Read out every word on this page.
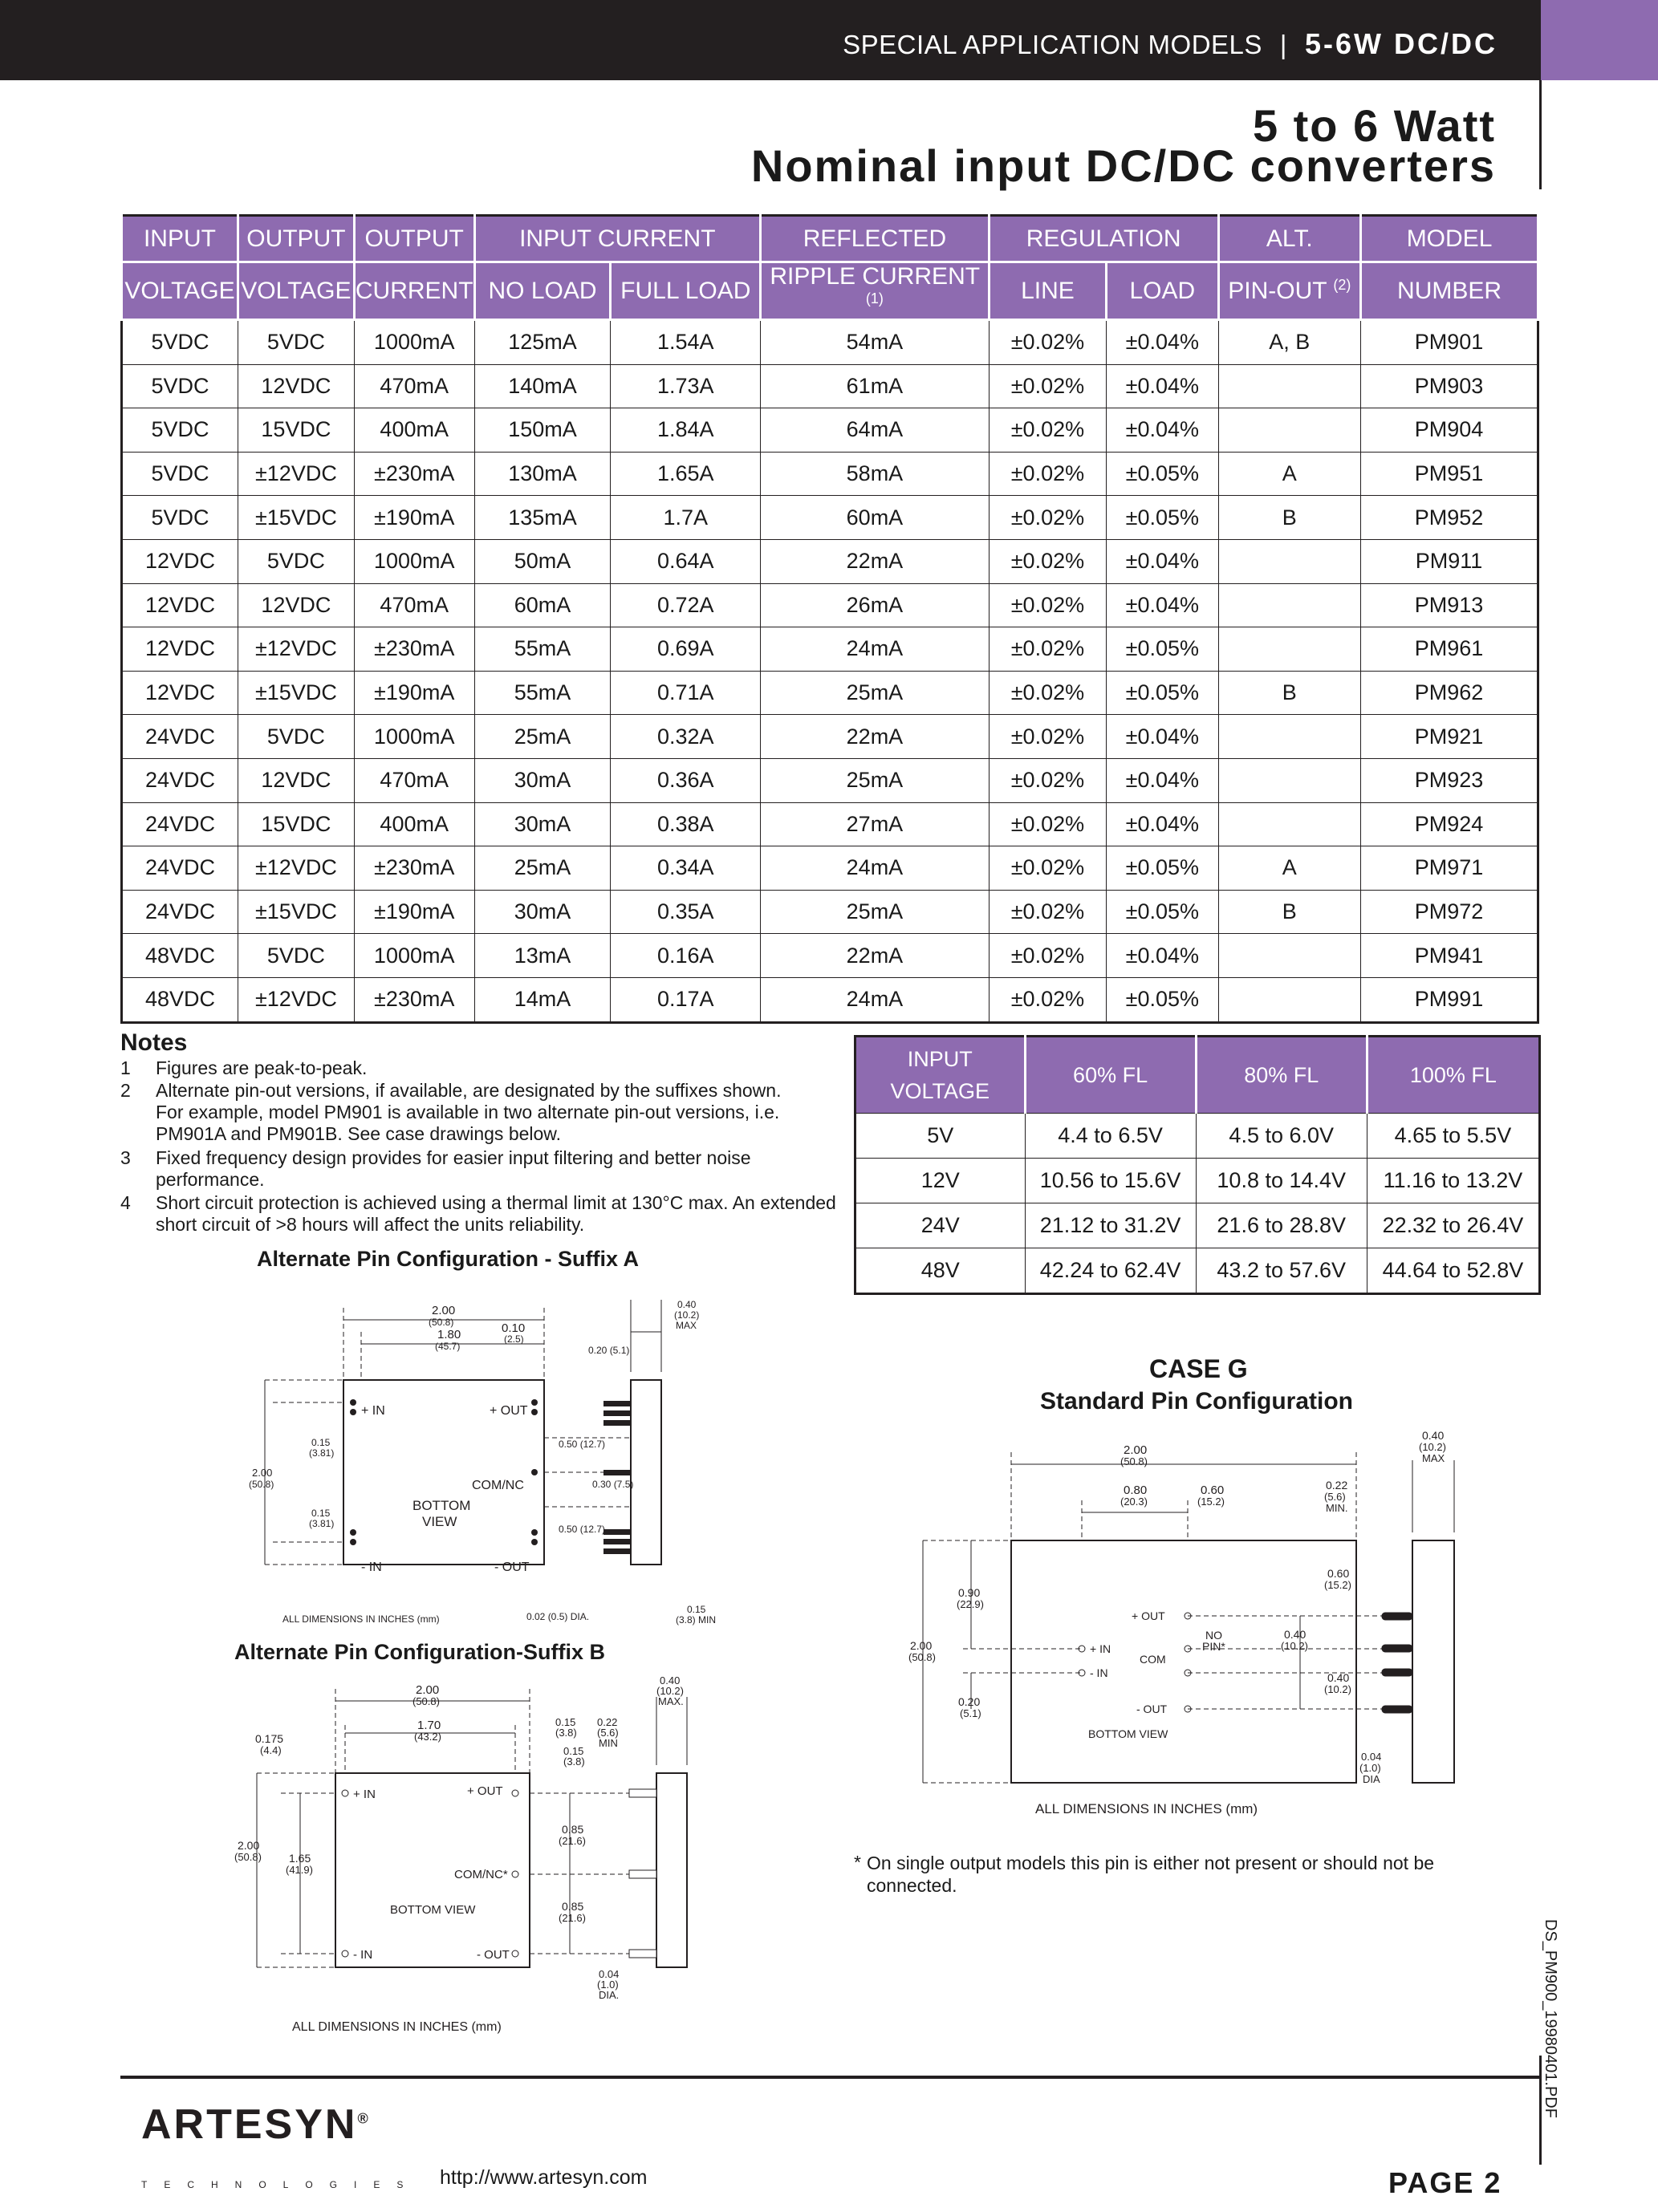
SPECIAL APPLICATION MODELS | 5-6W DC/DC
5 to 6 Watt
Nominal input DC/DC converters
INPUT	OUTPUT	OUTPUT	INPUT CURRENT		REFLECTED	REGULATION		ALT.	MODEL
VOLTAGE	VOLTAGE	CURRENT	NO LOAD	FULL LOAD	RIPPLE CURRENT $^{(1)}$	LINE	LOAD	PIN-OUT $^{(2)}$	NUMBER
5VDC	5VDC	1000mA	125mA	1.54A	54mA	±0.02%	±0.04%	A, B	PM901
5VDC	12VDC	470mA	140mA	1.73A	61mA	±0.02%	±0.04%		PM903
5VDC	15VDC	400mA	150mA	1.84A	64mA	±0.02%	±0.04%		PM904
5VDC	±12VDC	±230mA	130mA	1.65A	58mA	±0.02%	±0.05%	A	PM951
5VDC	±15VDC	±190mA	135mA	1.7A	60mA	±0.02%	±0.05%	B	PM952
12VDC	5VDC	1000mA	50mA	0.64A	22mA	±0.02%	±0.04%		PM911
12VDC	12VDC	470mA	60mA	0.72A	26mA	±0.02%	±0.04%		PM913
12VDC	±12VDC	±230mA	55mA	0.69A	24mA	±0.02%	±0.05%		PM961
12VDC	±15VDC	±190mA	55mA	0.71A	25mA	±0.02%	±0.05%	B	PM962
24VDC	5VDC	1000mA	25mA	0.32A	22mA	±0.02%	±0.04%		PM921
24VDC	12VDC	470mA	30mA	0.36A	25mA	±0.02%	±0.04%		PM923
24VDC	15VDC	400mA	30mA	0.38A	27mA	±0.02%	±0.04%		PM924
24VDC	±12VDC	±230mA	25mA	0.34A	24mA	±0.02%	±0.05%	A	PM971
24VDC	±15VDC	±190mA	30mA	0.35A	25mA	±0.02%	±0.05%	B	PM972
48VDC	5VDC	1000mA	13mA	0.16A	22mA	±0.02%	±0.04%		PM941
48VDC	±12VDC	±230mA	14mA	0.17A	24mA	±0.02%	±0.05%		PM991
Notes
1 Figures are peak-to-peak.
2 Alternate pin-out versions, if available, are designated by the suffixes shown. For example, model PM901 is available in two alternate pin-out versions, i.e. PM901A and PM901B. See case drawings below.
3 Fixed frequency design provides for easier input filtering and better noise performance.
4 Short circuit protection is achieved using a thermal limit at 130°C max. An extended short circuit of >8 hours will affect the units reliability.
INPUT
VOLTAGE	60% FL	80% FL	100% FL
5V	4.4 to 6.5V	4.5 to 6.0V	4.65 to 5.5V
12V	10.56 to 15.6V	10.8 to 14.4V	11.16 to 13.2V
24V	21.12 to 31.2V	21.6 to 28.8V	22.32 to 26.4V
48V	42.24 to 62.4V	43.2 to 57.6V	44.64 to 52.8V
Alternate Pin Configuration - Suffix A
2.00
(50.8)
1.80
(45.7)
0.10
(2.5)
0.20 (5.1)
0.40
(10.2)
MAX
2.00
(50.8)
0.15
(3.81)
0.15
(3.81)
0.50 (12.7)
0.30 (7.5)
0.50 (12.7)
0.02 (0.5) DIA.
0.15
(3.8) MIN
+ IN	+ OUT
COM/NC
BOTTOM
VIEW
- IN	- OUT
ALL DIMENSIONS IN INCHES (mm)
Alternate Pin Configuration-Suffix B
2.00
(50.8)
1.70
(43.2)
0.175
(4.4)
0.15
(3.8)
0.15
(3.8)
0.22
(5.6)
MIN
0.40
(10.2)
MAX.
2.00
(50.8) 1.65
(41.9)
0.85
(21.6)
0.85
(21.6)
0.04
(1.0)
DIA.
+ IN	+ OUT
COM/NC*
BOTTOM VIEW
- IN	- OUT
ALL DIMENSIONS IN INCHES (mm)
CASE G
Standard Pin Configuration
2.00
(50.8)
0.80
(20.3)
0.60
(15.2)
0.40
(10.2)
MAX
0.22
(5.6)
MIN.
0.90
(22.9)
2.00
(50.8)
0.20
(5.1)
0.60
(15.2)
0.40
(10.2)
0.40
(10.2)
0.04
(1.0)
DIA
+ OUT
+ IN
- IN
COM
NO
PIN*
- OUT
BOTTOM VIEW
ALL DIMENSIONS IN INCHES (mm)
* On single output models this pin is either not present or should not be connected.
ARTESYN®
TECHNOLOGIES http://www.artesyn.com	PAGE 2
DS_PM900_19980401.PDF
